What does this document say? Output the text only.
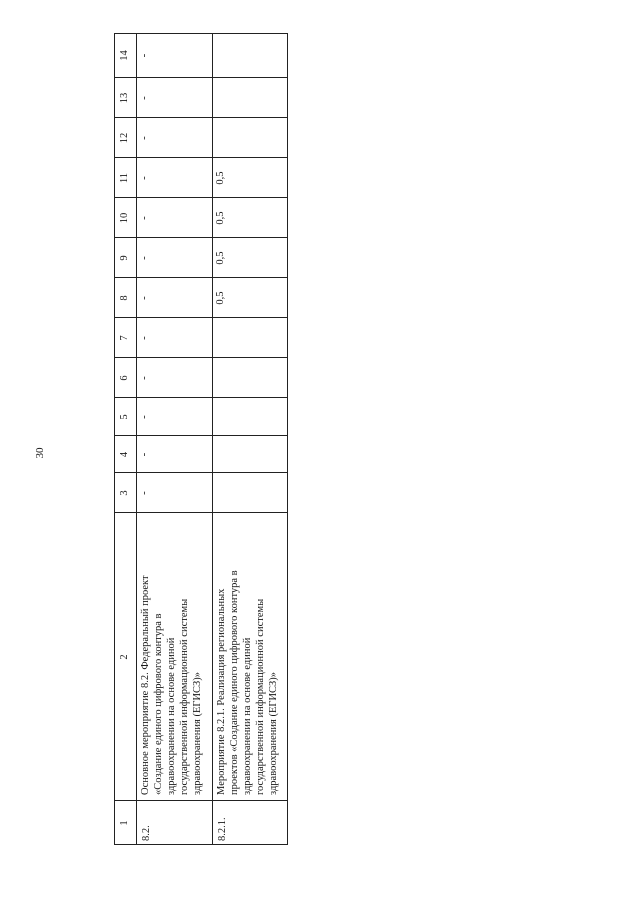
30
1
2
3
4
5
6
7
8
9
10
11
12
13
14
8.2.
Основное мероприятие 8.2. Федеральный проект «Создание единого цифрового контура в здравоохранении на основе единой государственной информационной системы здравоохранения (ЕГИСЗ)»
-
-
-
-
-
-
-
-
-
-
-
-
8.2.1.
Мероприятие 8.2.1. Реализация региональных проектов «Создание единого цифрового контура в здравоохранении на основе единой государственной информационной системы здравоохранения (ЕГИСЗ)»
0,5
0,5
0,5
0,5
